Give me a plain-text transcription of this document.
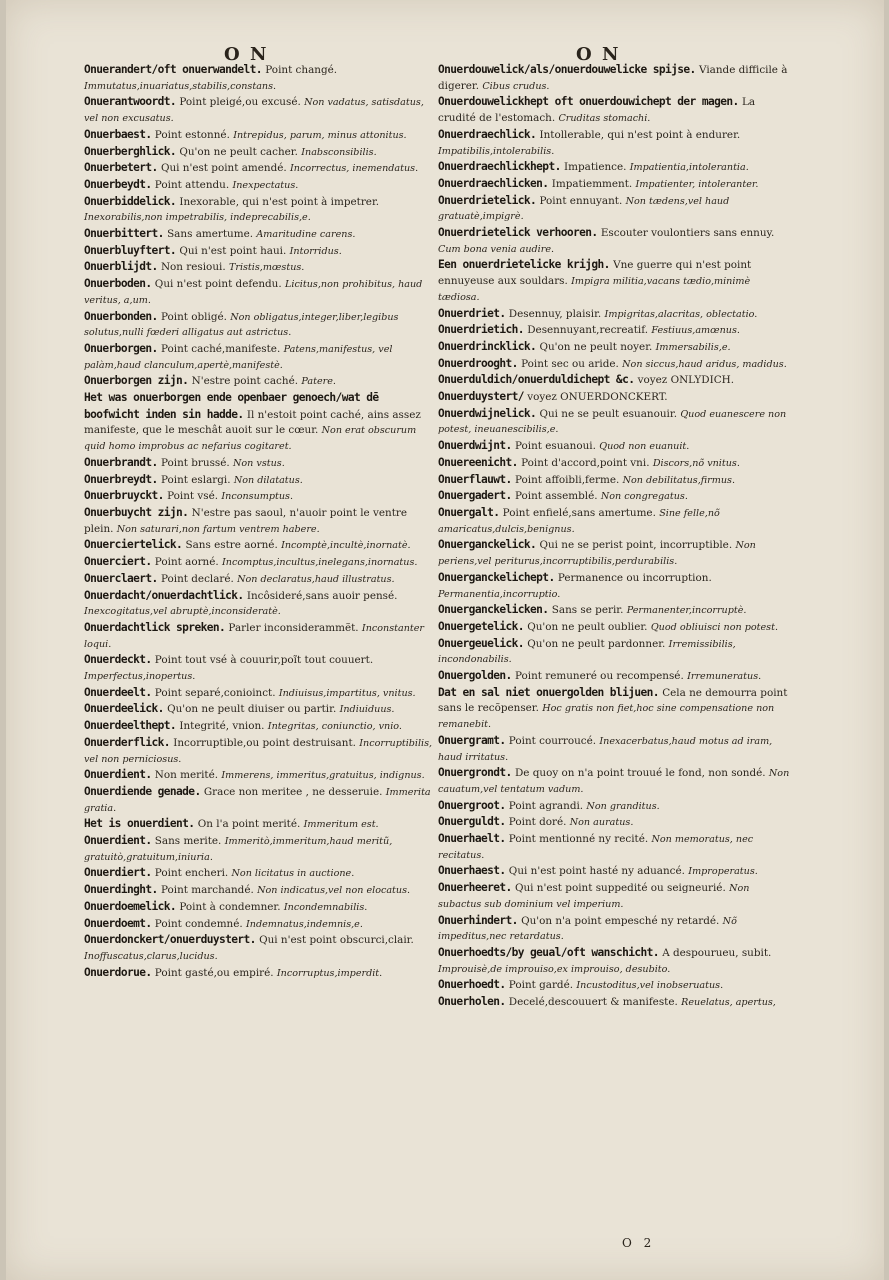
O N	O N

Onuerandert/oft onuerwandelt. Point changé. Immutatus,inuariatus,stabilis,constans.

Onuerantwoordt. Point pleigé,ou excusé. Non vadatus, satisdatus, vel non excusatus.

Onuerbaest. Point estonné. Intrepidus, parum, minus attonitus.

Onuerberghlick. Qu'on ne peult cacher. Inabsconsibilis.

Onuerbetert. Qui n'est point amendé. Incorrectus, inemendatus.

Onuerbeydt. Point attendu. Inexpectatus.

Onuerbiddelick. Inexorable, qui n'est point à impetrer. Inexorabilis,non impetrabilis, indeprecabilis,e.

Onuerbittert. Sans amertume. Amaritudine carens.

Onuerbluyftert. Qui n'est point haui. Intorridus.

Onuerblijdt. Non resioui. Tristis,mœstus.

Onuerboden. Qui n'est point defendu. Licitus,non prohibitus, haud veritus, a,um.

Onuerbonden. Point obligé. Non obligatus,integer,liber,legibus solutus,nulli fœderi alligatus aut astrictus.

Onuerborgen. Point caché,manifeste. Patens,manifestus, vel palàm,haud clanculum,apertè,manifestè.

Onuerborgen zijn. N'estre point caché. Patere.

Het was onuerborgen ende openbaer genoech/wat dē boofwicht inden sin hadde. Il n'estoit point caché, ains assez manifeste, que le meschât auoit sur le cœur. Non erat obscurum quid homo improbus ac nefarius cogitaret.

Onuerbrandt. Point brussé. Non vstus.

Onuerbreydt. Point eslargi. Non dilatatus.

Onuerbruyckt. Point vsé. Inconsumptus.

Onuerbuycht zijn. N'estre pas saoul, n'auoir point le ventre plein. Non saturari,non fartum ventrem habere.

Onuerciertelick. Sans estre aorné. Incomptè,incultè,inornatè.

Onuerciert. Point aorné. Incomptus,incultus,inelegans,inornatus.

Onuerclaert. Point declaré. Non declaratus,haud illustratus.

Onuerdacht/onuerdachtlick. Incôsideré,sans auoir pensé. Inexcogitatus,vel abruptè,inconsideratè.

Onuerdachtlick spreken. Parler inconsiderammẽt. Inconstanter loqui.

Onuerdeckt. Point tout vsé à couurir,poĩt tout couuert. Imperfectus,inopertus.

Onuerdeelt. Point separé,conioinct. Indiuisus,impartitus, vnitus.

Onuerdeelick. Qu'on ne peult diuiser ou partir. Indiuiduus.

Onuerdeelthept. Integrité, vnion. Integritas, coniunctio, vnio.

Onuerderflick. Incorruptible,ou point destruisant. Incorruptibilis, vel non perniciosus.

Onuerdient. Non merité. Immerens, immeritus,gratuitus, indignus.

Onuerdiende genade. Grace non meritee , ne desseruie. Immerita gratia.

Het is onuerdient. On l'a point merité. Immeritum est.

Onuerdient. Sans merite. Immeritò,immeritum,haud meritũ, gratuitò,gratuitum,iniuria.

Onuerdiert. Point encheri. Non licitatus in auctione.

Onuerdinght. Point marchandé. Non indicatus,vel non elocatus.

Onuerdoemelick. Point à condemner. Incondemnabilis.

Onuerdoemt. Point condemné. Indemnatus,indemnis,e.

Onuerdonckert/onuerduystert. Qui n'est point obscurci,clair. Inoffuscatus,clarus,lucidus.

Onuerdorue. Point gasté,ou empiré. Incorruptus,imperdit.

Onuerdouwelick/als/onuerdouwelicke spijse. Viande difficile à digerer. Cibus crudus.

Onuerdouwelickhept oft onuerdouwichept der magen. La crudité de l'estomach. Cruditas stomachi.

Onuerdraechlick. Intollerable, qui n'est point à endurer. Impatibilis,intolerabilis.

Onuerdraechlickhept. Impatience. Impatientia,intolerantia.

Onuerdraechlicken. Impatiemment. Impatienter, intoleranter.

Onuerdrietelick. Point ennuyant. Non tædens,vel haud gratuatè,impigrè.

Onuerdrietelick verhooren. Escouter voulontiers sans ennuy. Cum bona venia audire.

Een onuerdrietelicke krijgh. Vne guerre qui n'est point ennuyeuse aux souldars. Impigra militia,vacans tædio,minimè tædiosa.

Onuerdriet. Desennuy, plaisir. Impigritas,alacritas, oblectatio.

Onuerdrietich. Desennuyant,recreatif. Festiuus,amœnus.

Onuerdrincklick. Qu'on ne peult noyer. Immersabilis,e.

Onuerdrooght. Point sec ou aride. Non siccus,haud aridus, madidus.

Onuerduldich/onuerduldichept &c. voyez ONLYDICH.

Onuerduystert/ voyez ONUERDONCKERT.

Onuerdwijnelick. Qui ne se peult esuanouir. Quod euanescere non potest, ineuanescibilis,e.

Onuerdwijnt. Point esuanoui. Quod non euanuit.

Onuereenicht. Point d'accord,point vni. Discors,nõ vnitus.

Onuerflauwt. Point affoibli,ferme. Non debilitatus,firmus.

Onuergadert. Point assemblé. Non congregatus.

Onuergalt. Point enfielé,sans amertume. Sine felle,nõ amaricatus,dulcis,benignus.

Onuerganckelick. Qui ne se perist point, incorruptible. Non periens,vel periturus,incorruptibilis,perdurabilis.

Onuerganckelichept. Permanence ou incorruption. Permanentia,incorruptio.

Onuerganckelicken. Sans se perir. Permanenter,incorruptè.

Onuergetelick. Qu'on ne peult oublier. Quod obliuisci non potest.

Onuergeuelick. Qu'on ne peult pardonner. Irremissibilis, incondonabilis.

Onuergolden. Point remuneré ou recompensé. Irremuneratus.

Dat en sal niet onuergolden blijuen. Cela ne demourra point sans le recõpenser. Hoc gratis non fiet,hoc sine compensatione non remanebit.

Onuergramt. Point courroucé. Inexacerbatus,haud motus ad iram, haud irritatus.

Onuergrondt. De quoy on n'a point trouué le fond, non sondé. Non cauatum,vel tentatum vadum.

Onuergroot. Point agrandi. Non granditus.

Onuerguldt. Point doré. Non auratus.

Onuerhaelt. Point mentionné ny recité. Non memoratus, nec recitatus.

Onuerhaest. Qui n'est point hasté ny aduancé. Improperatus.

Onuerheeret. Qui n'est point suppedité ou seigneurié. Non subactus sub dominium vel imperium.

Onuerhindert. Qu'on n'a point empesché ny retardé. Nõ impeditus,nec retardatus.

Onuerhoedts/by geual/oft wanschicht. A despourueu, subit. Improuisè,de improuiso,ex improuiso, desubito.

Onuerhoedt. Point gardé. Incustoditus,vel inobseruatus.

Onuerholen. Decelé,descouuert & manifeste. Reuelatus, apertus,

O 2
